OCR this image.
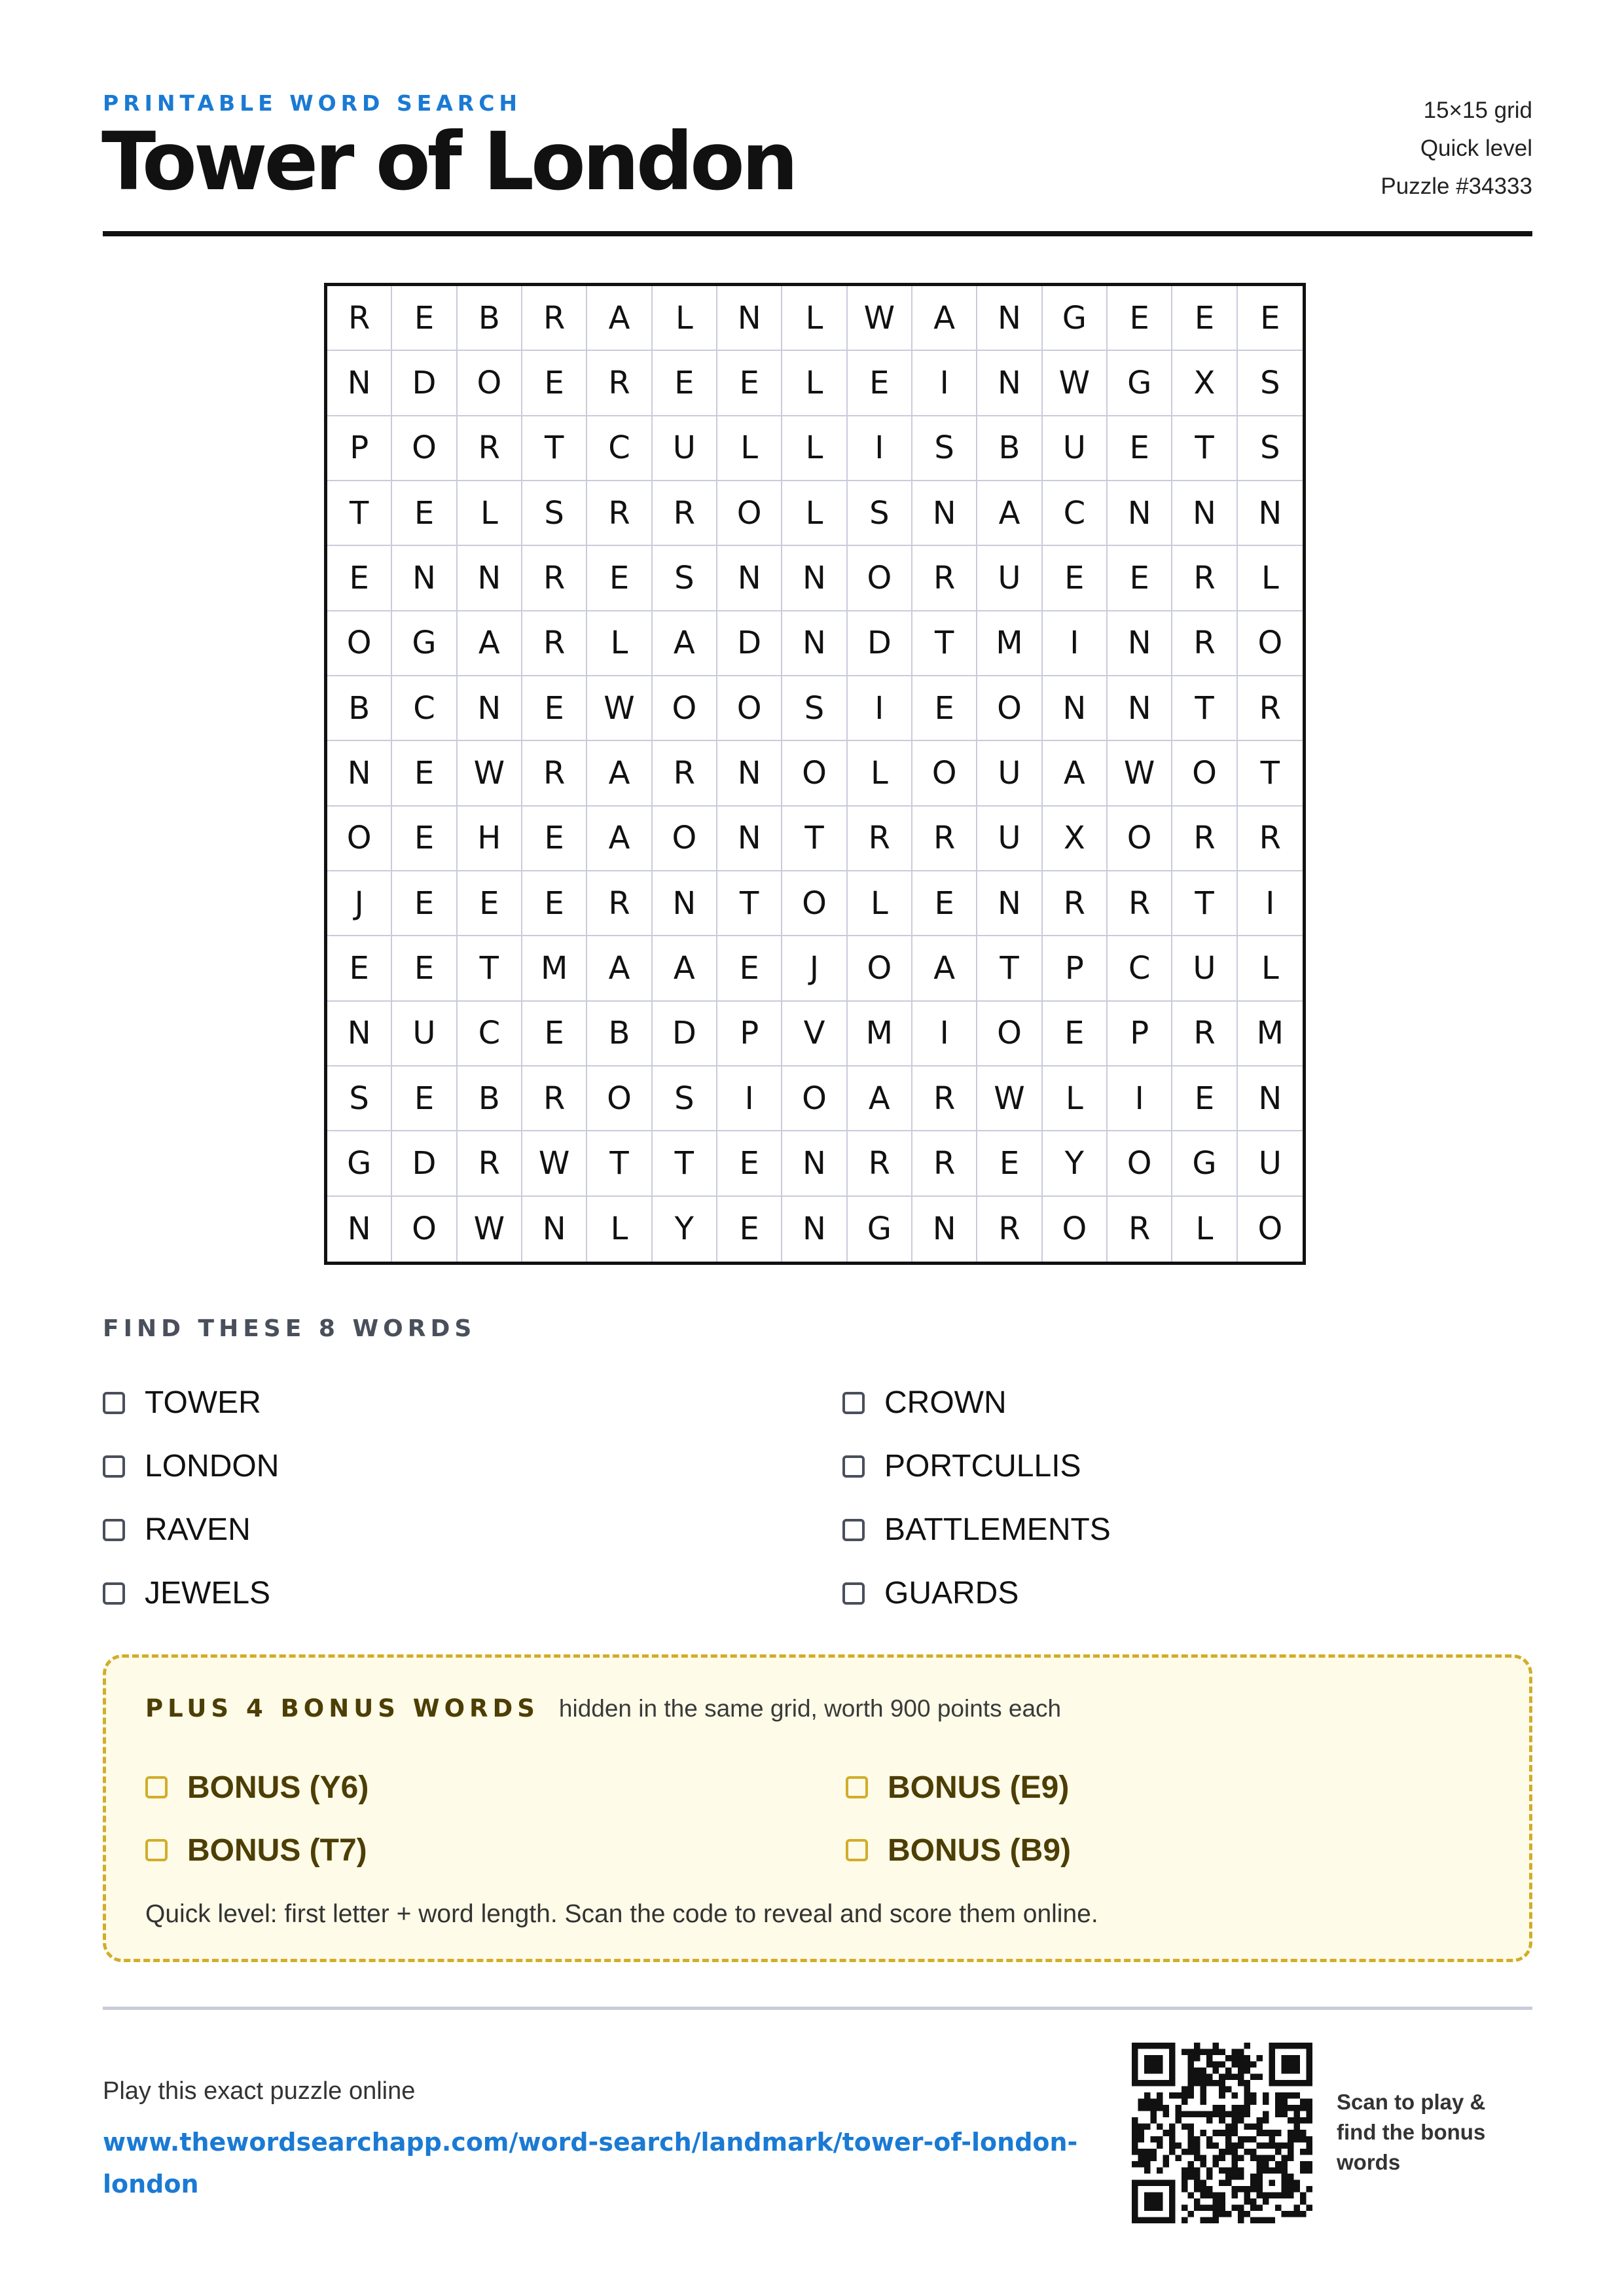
PRINTABLE WORD SEARCH
Tower of London
15×15 grid
Quick level
Puzzle #34333
R	E	B	R	A	L	N	L	W	A	N	G	E	E	E
N	D	O	E	R	E	E	L	E	I	N	W	G	X	S
P	O	R	T	C	U	L	L	I	S	B	U	E	T	S
T	E	L	S	R	R	O	L	S	N	A	C	N	N	N
E	N	N	R	E	S	N	N	O	R	U	E	E	R	L
O	G	A	R	L	A	D	N	D	T	M	I	N	R	O
B	C	N	E	W	O	O	S	I	E	O	N	N	T	R
N	E	W	R	A	R	N	O	L	O	U	A	W	O	T
O	E	H	E	A	O	N	T	R	R	U	X	O	R	R
J	E	E	E	R	N	T	O	L	E	N	R	R	T	I
E	E	T	M	A	A	E	J	O	A	T	P	C	U	L
N	U	C	E	B	D	P	V	M	I	O	E	P	R	M
S	E	B	R	O	S	I	O	A	R	W	L	I	E	N
G	D	R	W	T	T	E	N	R	R	E	Y	O	G	U
N	O	W	N	L	Y	E	N	G	N	R	O	R	L	O
FIND THESE 8 WORDS
TOWER	CROWN
LONDON	PORTCULLIS
RAVEN	BATTLEMENTS
JEWELS	GUARDS
PLUS 4 BONUS WORDS hidden in the same grid, worth 900 points each
BONUS (Y6)	BONUS (E9)
BONUS (T7)	BONUS (B9)
Quick level: first letter + word length. Scan the code to reveal and score them online.
Play this exact puzzle online
www.thewordsearchapp.com/word-search/landmark/tower-of-london-london
Scan to play & find the bonus words
